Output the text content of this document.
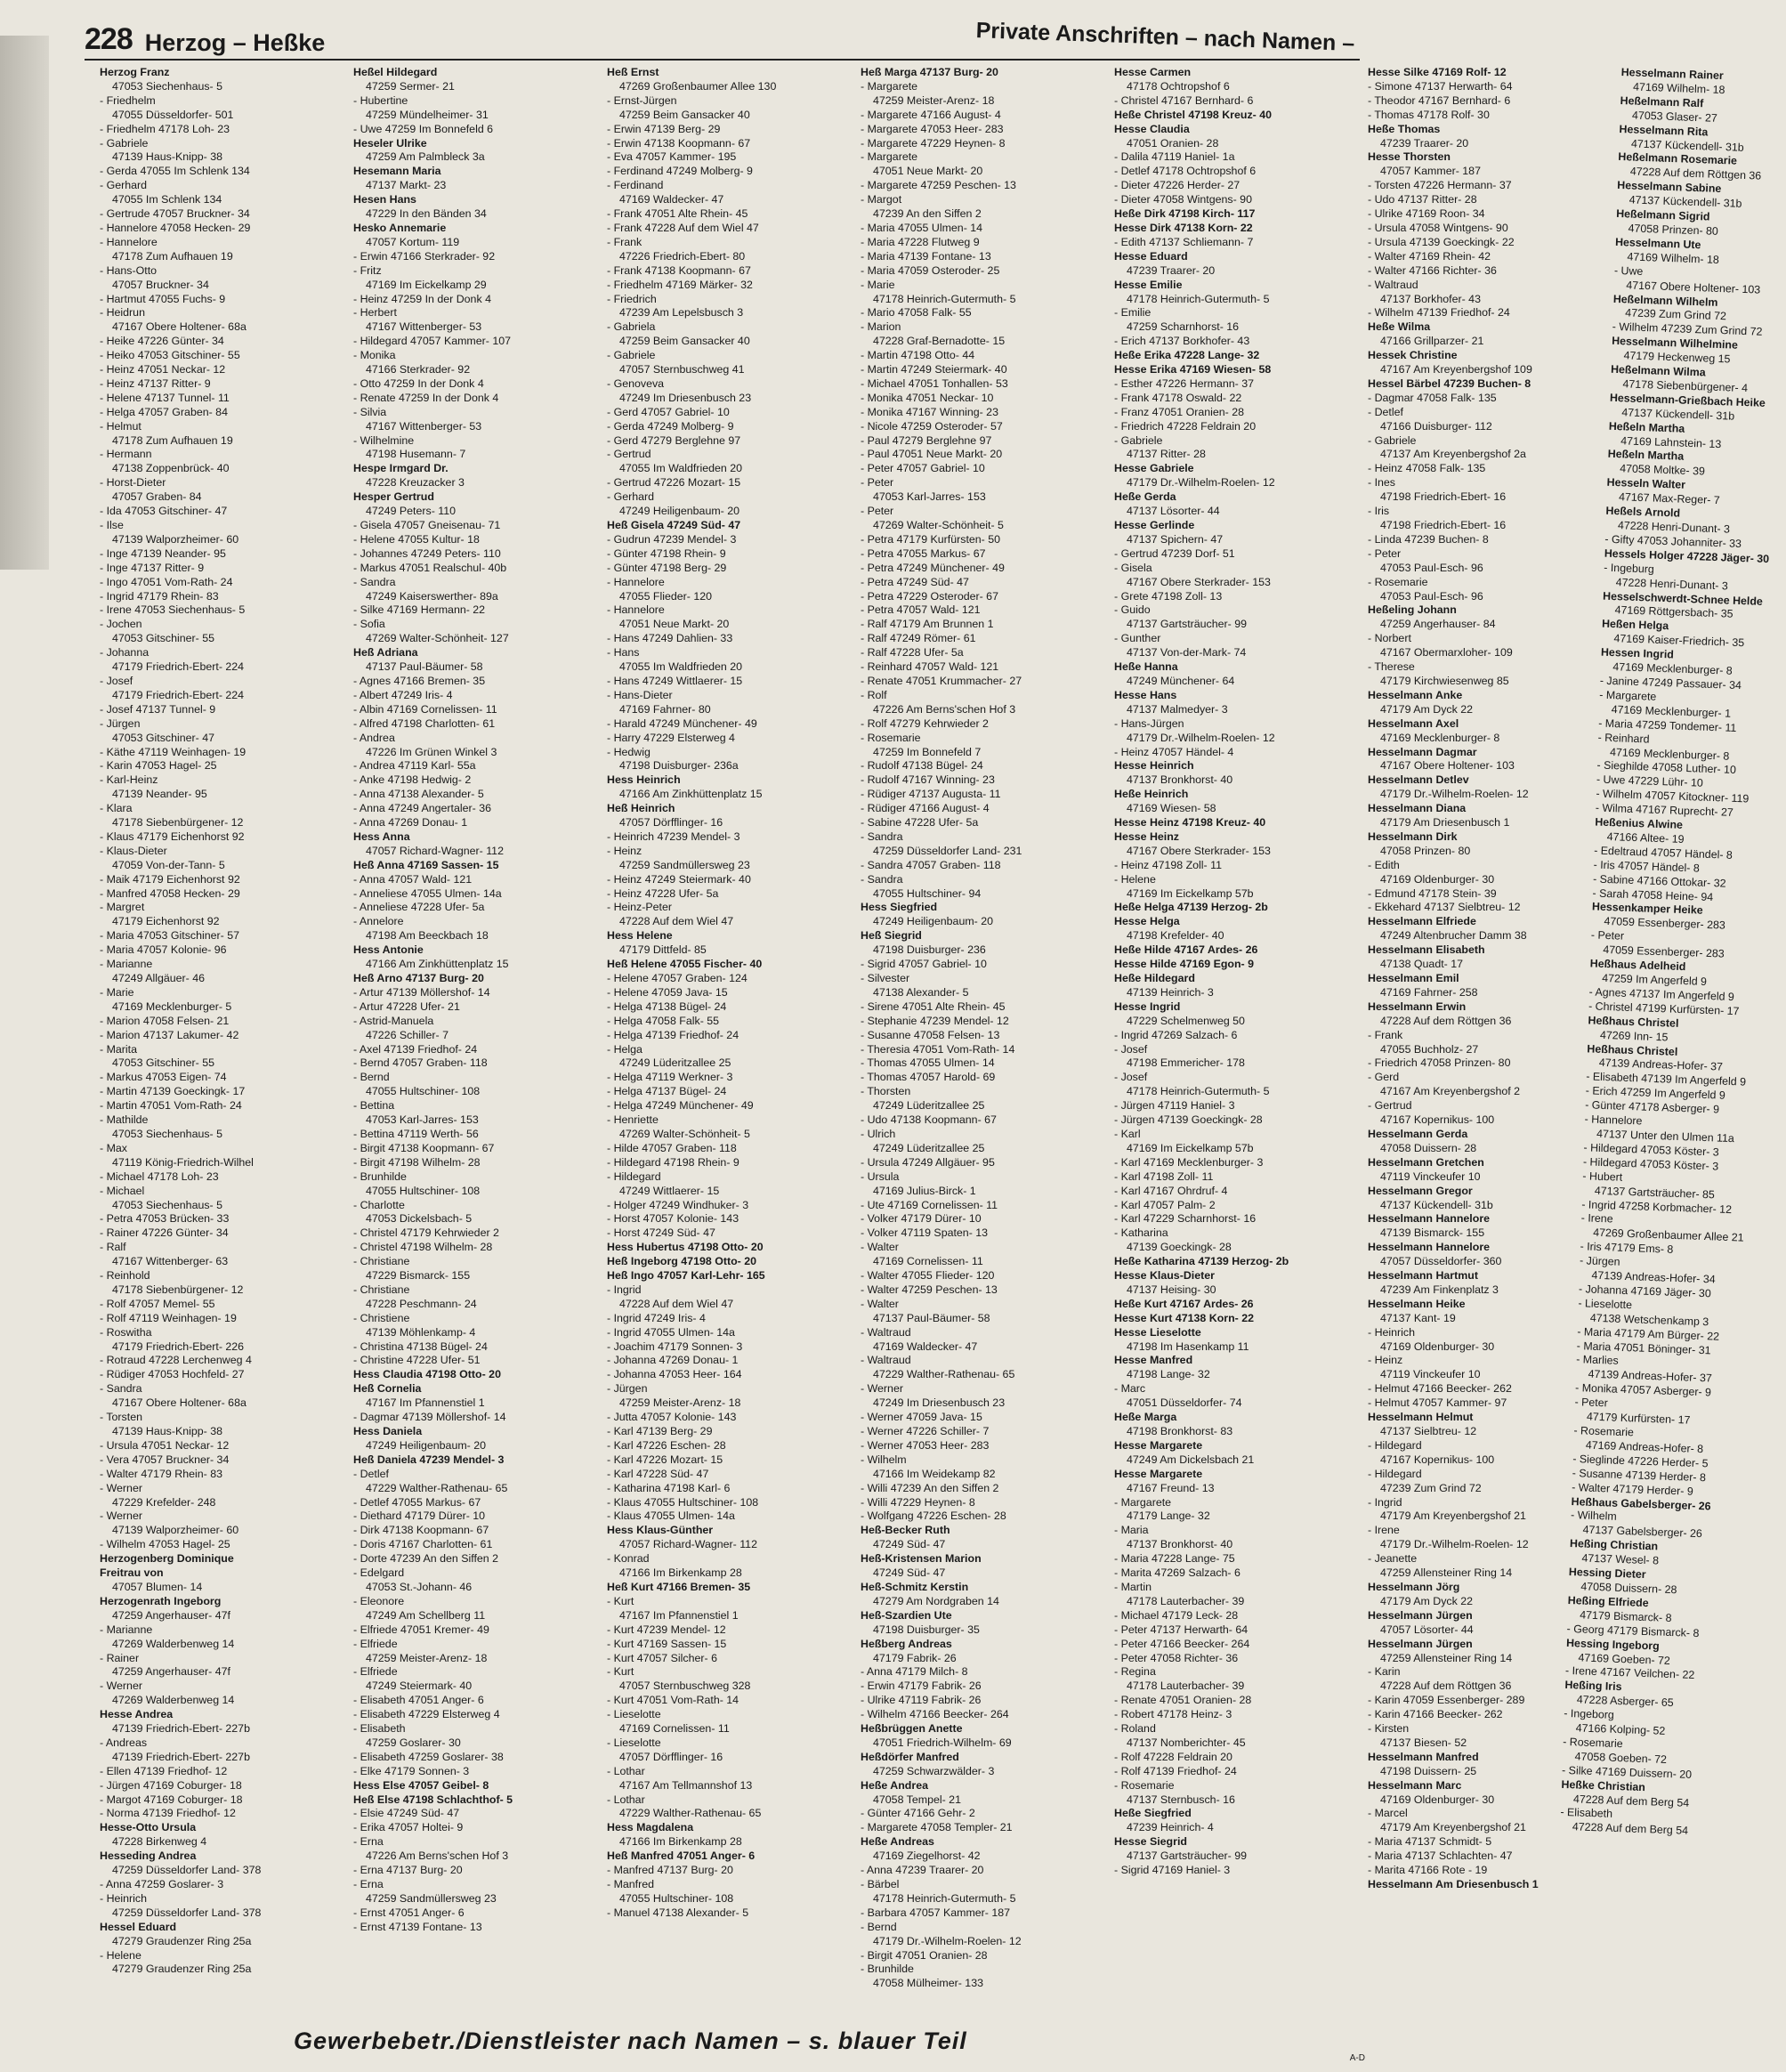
228 Herzog – Heßke	Private Anschriften – nach Namen –
Herzog Franz
47053 Siechenhaus- 5
- Friedhelm
47055 Düsseldorfer- 501
- Friedhelm 47178 Loh- 23
- Gabriele
47139 Haus-Knipp- 38
- Gerda 47055 Im Schlenk 134
- Gerhard
47055 Im Schlenk 134
- Gertrude 47057 Bruckner- 34
- Hannelore 47058 Hecken- 29
- Hannelore
47178 Zum Aufhauen 19
- Hans-Otto
47057 Bruckner- 34
- Hartmut 47055 Fuchs- 9
- Heidrun
47167 Obere Holtener- 68a
- Heike 47226 Günter- 34
- Heiko 47053 Gitschiner- 55
- Heinz 47051 Neckar- 12
- Heinz 47137 Ritter- 9
- Helene 47137 Tunnel- 11
- Helga 47057 Graben- 84
- Helmut
47178 Zum Aufhauen 19
- Hermann
47138 Zoppenbrück- 40
- Horst-Dieter
47057 Graben- 84
- Ida 47053 Gitschiner- 47
- Ilse
47139 Walporzheimer- 60
- Inge 47139 Neander- 95
- Inge 47137 Ritter- 9
- Ingo 47051 Vom-Rath- 24
- Ingrid 47179 Rhein- 83
- Irene 47053 Siechenhaus- 5
- Jochen
47053 Gitschiner- 55
- Johanna
47179 Friedrich-Ebert- 224
- Josef
47179 Friedrich-Ebert- 224
- Josef 47137 Tunnel- 9
- Jürgen
47053 Gitschiner- 47
- Käthe 47119 Weinhagen- 19
- Karin 47053 Hagel- 25
- Karl-Heinz
47139 Neander- 95
- Klara
47178 Siebenbürgener- 12
- Klaus 47179 Eichenhorst 92
- Klaus-Dieter
47059 Von-der-Tann- 5
- Maik 47179 Eichenhorst 92
- Manfred 47058 Hecken- 29
- Margret
47179 Eichenhorst 92
- Maria 47053 Gitschiner- 57
- Maria 47057 Kolonie- 96
- Marianne
47249 Allgäuer- 46
- Marie
47169 Mecklenburger- 5
- Marion 47058 Felsen- 21
- Marion 47137 Lakumer- 42
- Marita
47053 Gitschiner- 55
- Markus 47053 Eigen- 74
- Martin 47139 Goeckingk- 17
- Martin 47051 Vom-Rath- 24
- Mathilde
47053 Siechenhaus- 5
- Max
47119 König-Friedrich-Wilhel
- Michael 47178 Loh- 23
- Michael
47053 Siechenhaus- 5
- Petra 47053 Brücken- 33
- Rainer 47226 Günter- 34
- Ralf
47167 Wittenberger- 63
- Reinhold
47178 Siebenbürgener- 12
- Rolf 47057 Memel- 55
- Rolf 47119 Weinhagen- 19
- Roswitha
47179 Friedrich-Ebert- 226
- Rotraud 47228 Lerchenweg 4
- Rüdiger 47053 Hochfeld- 27
- Sandra
47167 Obere Holtener- 68a
- Torsten
47139 Haus-Knipp- 38
- Ursula 47051 Neckar- 12
- Vera 47057 Bruckner- 34
- Walter 47179 Rhein- 83
- Werner
47229 Krefelder- 248
- Werner
47139 Walporzheimer- 60
- Wilhelm 47053 Hagel- 25
Herzogenberg Dominique
Freitrau von
47057 Blumen- 14
Herzogenrath Ingeborg
47259 Angerhauser- 47f
- Marianne
47269 Walderbenweg 14
- Rainer
47259 Angerhauser- 47f
- Werner
47269 Walderbenweg 14
Hesse Andrea
47139 Friedrich-Ebert- 227b
- Andreas
47139 Friedrich-Ebert- 227b
- Ellen 47139 Friedhof- 12
- Jürgen 47169 Coburger- 18
- Margot 47169 Coburger- 18
- Norma 47139 Friedhof- 12
Hesse-Otto Ursula
47228 Birkenweg 4
Hesseding Andrea
47259 Düsseldorfer Land- 378
- Anna 47259 Goslarer- 3
- Heinrich
47259 Düsseldorfer Land- 378
Hessel Eduard
47279 Graudenzer Ring 25a
- Helene
47279 Graudenzer Ring 25a
Heßel Hildegard
47259 Sermer- 21
- Hubertine
47259 Mündelheimer- 31
- Uwe 47259 Im Bonnefeld 6
Heseler Ulrike
47259 Am Palmbleck 3a
Hesemann Maria
47137 Markt- 23
Hesen Hans
47229 In den Bänden 34
Hesko Annemarie
47057 Kortum- 119
- Erwin 47166 Sterkrader- 92
- Fritz
47169 Im Eickelkamp 29
- Heinz 47259 In der Donk 4
- Herbert
47167 Wittenberger- 53
- Hildegard 47057 Kammer- 107
- Monika
47166 Sterkrader- 92
- Otto 47259 In der Donk 4
- Renate 47259 In der Donk 4
- Silvia
47167 Wittenberger- 53
- Wilhelmine
47198 Husemann- 7
Hespe Irmgard Dr.
47228 Kreuzacker 3
Hesper Gertrud
47249 Peters- 110
- Gisela 47057 Gneisenau- 71
- Helene 47055 Kultur- 18
- Johannes 47249 Peters- 110
- Markus 47051 Realschul- 40b
- Sandra
47249 Kaiserswerther- 89a
- Silke 47169 Hermann- 22
- Sofia
47269 Walter-Schönheit- 127
Heß Adriana
47137 Paul-Bäumer- 58
- Agnes 47166 Bremen- 35
- Albert 47249 Iris- 4
- Albin 47169 Cornelissen- 11
- Alfred 47198 Charlotten- 61
- Andrea
47226 Im Grünen Winkel 3
- Andrea 47119 Karl- 55a
- Anke 47198 Hedwig- 2
- Anna 47138 Alexander- 5
- Anna 47249 Angertaler- 36
- Anna 47269 Donau- 1
Hess Anna
47057 Richard-Wagner- 112
Heß Anna 47169 Sassen- 15
- Anna 47057 Wald- 121
- Anneliese 47055 Ulmen- 14a
- Anneliese 47228 Ufer- 5a
- Annelore
47198 Am Beeckbach 18
Hess Antonie
47166 Am Zinkhüttenplatz 15
Heß Arno 47137 Burg- 20
- Artur 47139 Möllershof- 14
- Artur 47228 Ufer- 21
- Astrid-Manuela
47226 Schiller- 7
- Axel 47139 Friedhof- 24
- Bernd 47057 Graben- 118
- Bernd
47055 Hultschiner- 108
- Bettina
47053 Karl-Jarres- 153
- Bettina 47119 Werth- 56
- Birgit 47138 Koopmann- 67
- Birgit 47198 Wilhelm- 28
- Brunhilde
47055 Hultschiner- 108
- Charlotte
47053 Dickelsbach- 5
- Christel 47179 Kehrwieder 2
- Christel 47198 Wilhelm- 28
- Christiane
47229 Bismarck- 155
- Christiane
47228 Peschmann- 24
- Christiene
47139 Möhlenkamp- 4
- Christina 47138 Bügel- 24
- Christine 47228 Ufer- 51
Hess Claudia 47198 Otto- 20
Heß Cornelia
47167 Im Pfannenstiel 1
- Dagmar 47139 Möllershof- 14
Hess Daniela
47249 Heiligenbaum- 20
Heß Daniela 47239 Mendel- 3
- Detlef
47229 Walther-Rathenau- 65
- Detlef 47055 Markus- 67
- Diethard 47179 Dürer- 10
- Dirk 47138 Koopmann- 67
- Doris 47167 Charlotten- 61
- Dorte 47239 An den Siffen 2
- Edelgard
47053 St.-Johann- 46
- Eleonore
47249 Am Schellberg 11
- Elfriede 47051 Kremer- 49
- Elfriede
47259 Meister-Arenz- 18
- Elfriede
47249 Steiermark- 40
- Elisabeth 47051 Anger- 6
- Elisabeth 47229 Elsterweg 4
- Elisabeth
47259 Goslarer- 30
- Elisabeth 47259 Goslarer- 38
- Elke 47179 Sonnen- 3
Hess Else 47057 Geibel- 8
Heß Else 47198 Schlachthof- 5
- Elsie 47249 Süd- 47
- Erika 47057 Holtei- 9
- Erna
47226 Am Berns'schen Hof 3
- Erna 47137 Burg- 20
- Erna
47259 Sandmüllersweg 23
- Ernst 47051 Anger- 6
- Ernst 47139 Fontane- 13
Heß Ernst
47269 Großenbaumer Allee 130
- Ernst-Jürgen
47259 Beim Gansacker 40
- Erwin 47139 Berg- 29
- Erwin 47138 Koopmann- 67
- Eva 47057 Kammer- 195
- Ferdinand 47249 Molberg- 9
- Ferdinand
47169 Waldecker- 47
- Frank 47051 Alte Rhein- 45
- Frank 47228 Auf dem Wiel 47
- Frank
47226 Friedrich-Ebert- 80
- Frank 47138 Koopmann- 67
- Friedhelm 47169 Märker- 32
- Friedrich
47239 Am Lepelsbusch 3
- Gabriela
47259 Beim Gansacker 40
- Gabriele
47057 Sternbuschweg 41
- Genoveva
47249 Im Driesenbusch 23
- Gerd 47057 Gabriel- 10
- Gerda 47249 Molberg- 9
- Gerd 47279 Berglehne 97
- Gertrud
47055 Im Waldfrieden 20
- Gertrud 47226 Mozart- 15
- Gerhard
47249 Heiligenbaum- 20
Heß Gisela 47249 Süd- 47
- Gudrun 47239 Mendel- 3
- Günter 47198 Rhein- 9
- Günter 47198 Berg- 29
- Hannelore
47055 Flieder- 120
- Hannelore
47051 Neue Markt- 20
- Hans 47249 Dahlien- 33
- Hans
47055 Im Waldfrieden 20
- Hans 47249 Wittlaerer- 15
- Hans-Dieter
47169 Fahrner- 80
- Harald 47249 Münchener- 49
- Harry 47229 Elsterweg 4
- Hedwig
47198 Duisburger- 236a
Hess Heinrich
47166 Am Zinkhüttenplatz 15
Heß Heinrich
47057 Dörfflinger- 16
- Heinrich 47239 Mendel- 3
- Heinz
47259 Sandmüllersweg 23
- Heinz 47249 Steiermark- 40
- Heinz 47228 Ufer- 5a
- Heinz-Peter
47228 Auf dem Wiel 47
Hess Helene
47179 Dittfeld- 85
Heß Helene 47055 Fischer- 40
- Helene 47057 Graben- 124
- Helene 47059 Java- 15
- Helga 47138 Bügel- 24
- Helga 47058 Falk- 55
- Helga 47139 Friedhof- 24
- Helga
47249 Lüderitzallee 25
- Helga 47119 Werkner- 3
- Helga 47137 Bügel- 24
- Helga 47249 Münchener- 49
- Henriette
47269 Walter-Schönheit- 5
- Hilde 47057 Graben- 118
- Hildegard 47198 Rhein- 9
- Hildegard
47249 Wittlaerer- 15
- Holger 47249 Windhuker- 3
- Horst 47057 Kolonie- 143
- Horst 47249 Süd- 47
Hess Hubertus 47198 Otto- 20
Heß Ingeborg 47198 Otto- 20
Heß Ingo 47057 Karl-Lehr- 165
- Ingrid
47228 Auf dem Wiel 47
- Ingrid 47249 Iris- 4
- Ingrid 47055 Ulmen- 14a
- Joachim 47179 Sonnen- 3
- Johanna 47269 Donau- 1
- Johanna 47053 Heer- 164
- Jürgen
47259 Meister-Arenz- 18
- Jutta 47057 Kolonie- 143
- Karl 47139 Berg- 29
- Karl 47226 Eschen- 28
- Karl 47226 Mozart- 15
- Karl 47228 Süd- 47
- Katharina 47198 Karl- 6
- Klaus 47055 Hultschiner- 108
- Klaus 47055 Ulmen- 14a
Hess Klaus-Günther
47057 Richard-Wagner- 112
- Konrad
47166 Im Birkenkamp 28
Heß Kurt 47166 Bremen- 35
- Kurt
47167 Im Pfannenstiel 1
- Kurt 47239 Mendel- 12
- Kurt 47169 Sassen- 15
- Kurt 47057 Silcher- 6
- Kurt
47057 Sternbuschweg 328
- Kurt 47051 Vom-Rath- 14
- Lieselotte
47169 Cornelissen- 11
- Lieselotte
47057 Dörfflinger- 16
- Lothar
47167 Am Tellmannshof 13
- Lothar
47229 Walther-Rathenau- 65
Hess Magdalena
47166 Im Birkenkamp 28
Heß Manfred 47051 Anger- 6
- Manfred 47137 Burg- 20
- Manfred
47055 Hultschiner- 108
- Manuel 47138 Alexander- 5
Heß Marga 47137 Burg- 20
- Margarete
47259 Meister-Arenz- 18
- Margarete 47166 August- 4
- Margarete 47053 Heer- 283
- Margarete 47229 Heynen- 8
- Margarete
47051 Neue Markt- 20
- Margarete 47259 Peschen- 13
- Margot
47239 An den Siffen 2
- Maria 47055 Ulmen- 14
- Maria 47228 Flutweg 9
- Maria 47139 Fontane- 13
- Maria 47059 Osteroder- 25
- Marie
47178 Heinrich-Gutermuth- 5
- Mario 47058 Falk- 55
- Marion
47228 Graf-Bernadotte- 15
- Martin 47198 Otto- 44
- Martin 47249 Steiermark- 40
- Michael 47051 Tonhallen- 53
- Monika 47051 Neckar- 10
- Monika 47167 Winning- 23
- Nicole 47259 Osteroder- 57
- Paul 47279 Berglehne 97
- Paul 47051 Neue Markt- 20
- Peter 47057 Gabriel- 10
- Peter
47053 Karl-Jarres- 153
- Peter
47269 Walter-Schönheit- 5
- Petra 47179 Kurfürsten- 50
- Petra 47055 Markus- 67
- Petra 47249 Münchener- 49
- Petra 47249 Süd- 47
- Petra 47229 Osteroder- 67
- Petra 47057 Wald- 121
- Ralf 47179 Am Brunnen 1
- Ralf 47249 Römer- 61
- Ralf 47228 Ufer- 5a
- Reinhard 47057 Wald- 121
- Renate 47051 Krummacher- 27
- Rolf
47226 Am Berns'schen Hof 3
- Rolf 47279 Kehrwieder 2
- Rosemarie
47259 Im Bonnefeld 7
- Rudolf 47138 Bügel- 24
- Rudolf 47167 Winning- 23
- Rüdiger 47137 Augusta- 11
- Rüdiger 47166 August- 4
- Sabine 47228 Ufer- 5a
- Sandra
47259 Düsseldorfer Land- 231
- Sandra 47057 Graben- 118
- Sandra
47055 Hultschiner- 94
Hess Siegfried
47249 Heiligenbaum- 20
Heß Siegrid
47198 Duisburger- 236
- Sigrid 47057 Gabriel- 10
- Silvester
47138 Alexander- 5
- Sirene 47051 Alte Rhein- 45
- Stephanie 47239 Mendel- 12
- Susanne 47058 Felsen- 13
- Theresia 47051 Vom-Rath- 14
- Thomas 47055 Ulmen- 14
- Thomas 47057 Harold- 69
- Thorsten
47249 Lüderitzallee 25
- Udo 47138 Koopmann- 67
- Ulrich
47249 Lüderitzallee 25
- Ursula 47249 Allgäuer- 95
- Ursula
47169 Julius-Birck- 1
- Ute 47169 Cornelissen- 11
- Volker 47179 Dürer- 10
- Volker 47119 Spaten- 13
- Walter
47169 Cornelissen- 11
- Walter 47055 Flieder- 120
- Walter 47259 Peschen- 13
- Walter
47137 Paul-Bäumer- 58
- Waltraud
47169 Waldecker- 47
- Waltraud
47229 Walther-Rathenau- 65
- Werner
47249 Im Driesenbusch 23
- Werner 47059 Java- 15
- Werner 47226 Schiller- 7
- Werner 47053 Heer- 283
- Wilhelm
47166 Im Weidekamp 82
- Willi 47239 An den Siffen 2
- Willi 47229 Heynen- 8
- Wolfgang 47226 Eschen- 28
Heß-Becker Ruth
47249 Süd- 47
Heß-Kristensen Marion
47249 Süd- 47
Heß-Schmitz Kerstin
47279 Am Nordgraben 14
Heß-Szardien Ute
47198 Duisburger- 35
Heßberg Andreas
47179 Fabrik- 26
- Anna 47179 Milch- 8
- Erwin 47179 Fabrik- 26
- Ulrike 47119 Fabrik- 26
- Wilhelm 47166 Beecker- 264
Heßbrüggen Anette
47051 Friedrich-Wilhelm- 69
Heßdörfer Manfred
47259 Schwarzwälder- 3
Heße Andrea
47058 Tempel- 21
- Günter 47166 Gehr- 2
- Margarete 47058 Templer- 21
Heße Andreas
47169 Ziegelhorst- 42
- Anna 47239 Traarer- 20
- Bärbel
47178 Heinrich-Gutermuth- 5
- Barbara 47057 Kammer- 187
- Bernd
47179 Dr.-Wilhelm-Roelen- 12
- Birgit 47051 Oranien- 28
- Brunhilde
47058 Mülheimer- 133
Hesse Carmen
47178 Ochtropshof 6
- Christel 47167 Bernhard- 6
Heße Christel 47198 Kreuz- 40
Hesse Claudia
47051 Oranien- 28
- Dalila 47119 Haniel- 1a
- Detlef 47178 Ochtropshof 6
- Dieter 47226 Herder- 27
- Dieter 47058 Wintgens- 90
Heße Dirk 47198 Kirch- 117
Hesse Dirk 47138 Korn- 22
- Edith 47137 Schliemann- 7
Hesse Eduard
47239 Traarer- 20
Hesse Emilie
47178 Heinrich-Gutermuth- 5
- Emilie
47259 Scharnhorst- 16
- Erich 47137 Borkhofer- 43
Heße Erika 47228 Lange- 32
Hesse Erika 47169 Wiesen- 58
- Esther 47226 Hermann- 37
- Frank 47178 Oswald- 22
- Franz 47051 Oranien- 28
- Friedrich 47228 Feldrain 20
- Gabriele
47137 Ritter- 28
Hesse Gabriele
47179 Dr.-Wilhelm-Roelen- 12
Heße Gerda
47137 Lösorter- 44
Hesse Gerlinde
47137 Spichern- 47
- Gertrud 47239 Dorf- 51
- Gisela
47167 Obere Sterkrader- 153
- Grete 47198 Zoll- 13
- Guido
47137 Gartsträucher- 99
- Gunther
47137 Von-der-Mark- 74
Heße Hanna
47249 Münchener- 64
Hesse Hans
47137 Malmedyer- 3
- Hans-Jürgen
47179 Dr.-Wilhelm-Roelen- 12
- Heinz 47057 Händel- 4
Hesse Heinrich
47137 Bronkhorst- 40
Heße Heinrich
47169 Wiesen- 58
Hesse Heinz 47198 Kreuz- 40
Hesse Heinz
47167 Obere Sterkrader- 153
- Heinz 47198 Zoll- 11
- Helene
47169 Im Eickelkamp 57b
Heße Helga 47139 Herzog- 2b
Hesse Helga
47198 Krefelder- 40
Heße Hilde 47167 Ardes- 26
Hesse Hilde 47169 Egon- 9
Heße Hildegard
47139 Heinrich- 3
Hesse Ingrid
47229 Schelmenweg 50
- Ingrid 47269 Salzach- 6
- Josef
47198 Emmericher- 178
- Josef
47178 Heinrich-Gutermuth- 5
- Jürgen 47119 Haniel- 3
- Jürgen 47139 Goeckingk- 28
- Karl
47169 Im Eickelkamp 57b
- Karl 47169 Mecklenburger- 3
- Karl 47198 Zoll- 11
- Karl 47167 Ohrdruf- 4
- Karl 47057 Palm- 2
- Karl 47229 Scharnhorst- 16
- Katharina
47139 Goeckingk- 28
Heße Katharina 47139 Herzog- 2b
Hesse Klaus-Dieter
47137 Heising- 30
Heße Kurt 47167 Ardes- 26
Hesse Kurt 47138 Korn- 22
Hesse Lieselotte
47198 Im Hasenkamp 11
Hesse Manfred
47198 Lange- 32
- Marc
47051 Düsseldorfer- 74
Heße Marga
47198 Bronkhorst- 83
Hesse Margarete
47249 Am Dickelsbach 21
Hesse Margarete
47167 Freund- 13
- Margarete
47179 Lange- 32
- Maria
47137 Bronkhorst- 40
- Maria 47228 Lange- 75
- Marita 47269 Salzach- 6
- Martin
47178 Lauterbacher- 39
- Michael 47179 Leck- 28
- Peter 47137 Herwarth- 64
- Peter 47166 Beecker- 264
- Peter 47058 Richter- 36
- Regina
47178 Lauterbacher- 39
- Renate 47051 Oranien- 28
- Robert 47178 Heinz- 3
- Roland
47137 Nomberichter- 45
- Rolf 47228 Feldrain 20
- Rolf 47139 Friedhof- 24
- Rosemarie
47137 Sternbusch- 16
Heße Siegfried
47239 Heinrich- 4
Hesse Siegrid
47137 Gartsträucher- 99
- Sigrid 47169 Haniel- 3
Hesse Silke 47169 Rolf- 12
- Simone 47137 Herwarth- 64
- Theodor 47167 Bernhard- 6
- Thomas 47178 Rolf- 30
Heße Thomas
47239 Traarer- 20
Hesse Thorsten
47057 Kammer- 187
- Torsten 47226 Hermann- 37
- Udo 47137 Ritter- 28
- Ulrike 47169 Roon- 34
- Ursula 47058 Wintgens- 90
- Ursula 47139 Goeckingk- 22
- Walter 47169 Rhein- 42
- Walter 47166 Richter- 36
- Waltraud
47137 Borkhofer- 43
- Wilhelm 47139 Friedhof- 24
Heße Wilma
47166 Grillparzer- 21
Hessek Christine
47167 Am Kreyenbergshof 109
Hessel Bärbel 47239 Buchen- 8
- Dagmar 47058 Falk- 135
- Detlef
47166 Duisburger- 112
- Gabriele
47137 Am Kreyenbergshof 2a
- Heinz 47058 Falk- 135
- Ines
47198 Friedrich-Ebert- 16
- Iris
47198 Friedrich-Ebert- 16
- Linda 47239 Buchen- 8
- Peter
47053 Paul-Esch- 96
- Rosemarie
47053 Paul-Esch- 96
Heßeling Johann
47259 Angerhauser- 84
- Norbert
47167 Obermarxloher- 109
- Therese
47179 Kirchwiesenweg 85
Hesselmann Anke
47179 Am Dyck 22
Hesselmann Axel
47169 Mecklenburger- 8
Hesselmann Dagmar
47167 Obere Holtener- 103
Hesselmann Detlev
47179 Dr.-Wilhelm-Roelen- 12
Hesselmann Diana
47179 Am Driesenbusch 1
Hesselmann Dirk
47058 Prinzen- 80
- Edith
47169 Oldenburger- 30
- Edmund 47178 Stein- 39
- Ekkehard 47137 Sielbtreu- 12
Hesselmann Elfriede
47249 Altenbrucher Damm 38
Hesselmann Elisabeth
47138 Quadt- 17
Hesselmann Emil
47169 Fahrner- 258
Hesselmann Erwin
47228 Auf dem Röttgen 36
- Frank
47055 Buchholz- 27
- Friedrich 47058 Prinzen- 80
- Gerd
47167 Am Kreyenbergshof 2
- Gertrud
47167 Kopernikus- 100
Hesselmann Gerda
47058 Duissern- 28
Hesselmann Gretchen
47119 Vinckeufer 10
Hesselmann Gregor
47137 Kückendell- 31b
Hesselmann Hannelore
47139 Bismarck- 155
Hesselmann Hannelore
47057 Düsseldorfer- 360
Hesselmann Hartmut
47239 Am Finkenplatz 3
Hesselmann Heike
47137 Kant- 19
- Heinrich
47169 Oldenburger- 30
- Heinz
47119 Vinckeufer 10
- Helmut 47166 Beecker- 262
- Helmut 47057 Kammer- 97
Hesselmann Helmut
47137 Sielbtreu- 12
- Hildegard
47167 Kopernikus- 100
- Hildegard
47239 Zum Grind 72
- Ingrid
47179 Am Kreyenbergshof 21
- Irene
47179 Dr.-Wilhelm-Roelen- 12
- Jeanette
47259 Allensteiner Ring 14
Hesselmann Jörg
47179 Am Dyck 22
Hesselmann Jürgen
47057 Lösorter- 44
Hesselmann Jürgen
47259 Allensteiner Ring 14
- Karin
47228 Auf dem Röttgen 36
- Karin 47059 Essenberger- 289
- Karin 47166 Beecker- 262
- Kirsten
47137 Biesen- 52
Hesselmann Manfred
47198 Duissern- 25
Hesselmann Marc
47169 Oldenburger- 30
- Marcel
47179 Am Kreyenbergshof 21
- Maria 47137 Schmidt- 5
- Maria 47137 Schlachten- 47
- Marita 47166 Rote - 19
Hesselmann Am Driesenbusch 1
Hesselmann Rainer
47169 Wilhelm- 18
Heßelmann Ralf
47053 Glaser- 27
Hesselmann Rita
47137 Kückendell- 31b
Heßelmann Rosemarie
47228 Auf dem Röttgen 36
Hesselmann Sabine
47137 Kückendell- 31b
Heßelmann Sigrid
47058 Prinzen- 80
Hesselmann Ute
47169 Wilhelm- 18
- Uwe
47167 Obere Holtener- 103
Heßelmann Wilhelm
47239 Zum Grind 72
- Wilhelm 47239 Zum Grind 72
Hesselmann Wilhelmine
47179 Heckenweg 15
Heßelmann Wilma
47178 Siebenbürgener- 4
Hesselmann-Grießbach Heike
47137 Kückendell- 31b
Heßeln Martha
47169 Lahnstein- 13
Heßeln Martha
47058 Moltke- 39
Hesseln Walter
47167 Max-Reger- 7
Heßels Arnold
47228 Henri-Dunant- 3
- Gifty 47053 Johanniter- 33
Hessels Holger 47228 Jäger- 30
- Ingeburg
47228 Henri-Dunant- 3
Hesselschwerdt-Schnee Helde
47169 Röttgersbach- 35
Heßen Helga
47169 Kaiser-Friedrich- 35
Hessen Ingrid
47169 Mecklenburger- 8
- Janine 47249 Passauer- 34
- Margarete
47169 Mecklenburger- 1
- Maria 47259 Tondemer- 11
- Reinhard
47169 Mecklenburger- 8
- Sieghilde 47058 Luther- 10
- Uwe 47229 Lühr- 10
- Wilhelm 47057 Kitockner- 119
- Wilma 47167 Ruprecht- 27
Heßenius Alwine
47166 Altee- 19
- Edeltraud 47057 Händel- 8
- Iris 47057 Händel- 8
- Sabine 47166 Ottokar- 32
- Sarah 47058 Heine- 94
Hessenkamper Heike
47059 Essenberger- 283
- Peter
47059 Essenberger- 283
Heßhaus Adelheid
47259 Im Angerfeld 9
- Agnes 47137 Im Angerfeld 9
- Christel 47199 Kurfürsten- 17
Heßhaus Christel
47269 Inn- 15
Heßhaus Christel
47139 Andreas-Hofer- 37
- Elisabeth 47139 Im Angerfeld 9
- Erich 47259 Im Angerfeld 9
- Günter 47178 Asberger- 9
- Hannelore
47137 Unter den Ulmen 11a
- Hildegard 47053 Köster- 3
- Hildegard 47053 Köster- 3
- Hubert
47137 Gartsträucher- 85
- Ingrid 47258 Korbmacher- 12
- Irene
47269 Großenbaumer Allee 21
- Iris 47179 Ems- 8
- Jürgen
47139 Andreas-Hofer- 34
- Johanna 47169 Jäger- 30
- Lieselotte
47138 Wetschenkamp 3
- Maria 47179 Am Bürger- 22
- Maria 47051 Böninger- 31
- Marlies
47139 Andreas-Hofer- 37
- Monika 47057 Asberger- 9
- Peter
47179 Kurfürsten- 17
- Rosemarie
47169 Andreas-Hofer- 8
- Sieglinde 47226 Herder- 5
- Susanne 47139 Herder- 8
- Walter 47179 Herder- 9
Heßhaus Gabelsberger- 26
- Wilhelm
47137 Gabelsberger- 26
Heßing Christian
47137 Wesel- 8
Hessing Dieter
47058 Duissern- 28
Heßing Elfriede
47179 Bismarck- 8
- Georg 47179 Bismarck- 8
Hessing Ingeborg
47169 Goeben- 72
- Irene 47167 Veilchen- 22
Heßing Iris
47228 Asberger- 65
- Ingeborg
47166 Kolping- 52
- Rosemarie
47058 Goeben- 72
- Silke 47169 Duissern- 20
Heßke Christian
47228 Auf dem Berg 54
- Elisabeth
47228 Auf dem Berg 54
Gewerbebetr./Dienstleister nach Namen – s. blauer Teil
A-D
